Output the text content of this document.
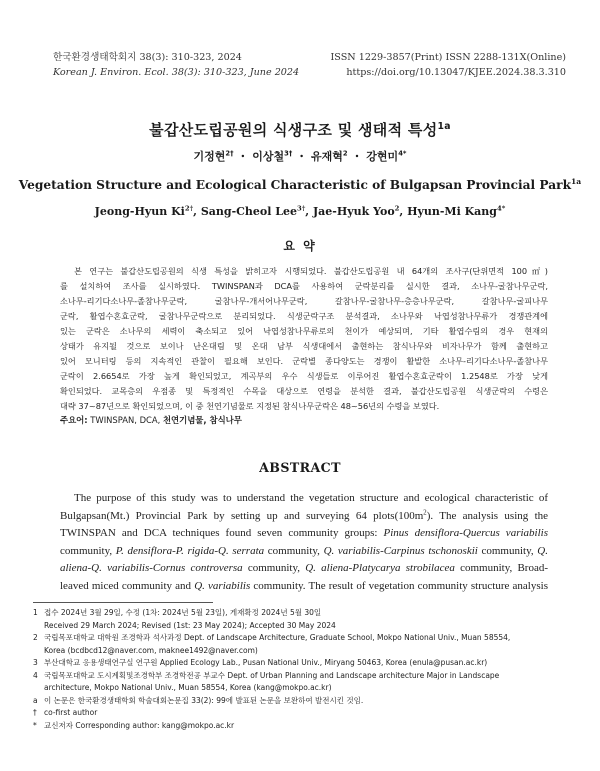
한국환경생태학회지 38(3): 310-323, 2024
Korean J. Environ. Ecol. 38(3): 310-323, June 2024
ISSN 1229-3857(Print) ISSN 2288-131X(Online)
https://doi.org/10.13047/KJEE.2024.38.3.310
불갑산도립공원의 식생구조 및 생태적 특성$^{1a}$
기정현$^{2\dagger}$ ・ 이상철$^{3\dagger}$ ・ 유재혁$^2$ ・ 강현미$^{4*}$
Vegetation Structure and Ecological Characteristic of Bulgapsan Provincial Park$^{1a}$
Jeong-Hyun $Ki^{2\dagger}$, Sang-Cheol Lee$^{3\dagger}$, Jae-Hyuk Yoo$^2$, Hyun-Mi Kang$^{4*}$
요 약
본 연구는 불갑산도립공원의 식생 특성을 밝히고자 시행되었다. 불갑산도립공원 내 64개의 조사구(단위면적 100㎡)
를 설치하여 조사를 실시하였다. TWINSPAN과 DCA를 사용하여 군락분리를 실시한 결과, 소나무-굴참나무군락,
소나무-리기다소나무-졸참나무군락, 굴참나무-개서어나무군락, 갈참나무-굴참나무-층층나무군락, 갈참나무-굴피나무
군락, 활엽수혼효군락, 굴참나무군락으로 분리되었다. 식생군락구조 분석결과, 소나무와 낙엽성참나무류가 경쟁관계에
있는 군락은 소나무의 세력이 축소되고 있어 낙엽성참나무류로의 천이가 예상되며, 기타 활엽수림의 경우 현재의
상태가 유지될 것으로 보이나 난온대림 및 온대 남부 식생대에서 출현하는 참식나무와 비자나무가 함께 출현하고
있어 모니터링 등의 지속적인 관찰이 필요해 보인다. 군락별 종다양도는 경쟁이 활발한 소나무-리기다소나무-졸참나무
군락이 2.6654로 가장 높게 확인되었고, 계곡부의 우수 식생들로 이루어진 활엽수혼효군락이 1.2548로 가장 낮게
확인되었다. 교목층의 우점종 및 특정적인 수목을 대상으로 연령을 분석한 결과, 불갑산도립공원 식생군락의 수령은
대략 37~87년으로 확인되었으며, 이 중 천연기념물로 지정된 참식나무군락은 48~56년의 수령을 보였다.
주요어: TWINSPAN, DCA, 천연기념물, 참식나무
ABSTRACT
The purpose of this study was to understand the vegetation structure and ecological characteristic of
Bulgapsan(Mt.) Provincial Park by setting up and surveying 64 $plots(100m^2)$. The analysis using the
TWINSPAN and DCA techniques found seven community groups: Pinus densiflora-Quercus variabilis
community, P. densiflora-P. rigida-Q. serrata community, Q. variabilis-Carpinus tschonoskii community, Q.
aliena-Q. variabilis-Cornus controversa community, Q. aliena-Platycarya strobilacea community, Broad-
leaved miced community and Q. variabilis community. The result of vegetation community structure analysis
1 접수 2024년 3월 29일, 수정 (1차: 2024년 5월 23일), 게재확정 2024년 5월 30일
Received 29 March 2024; Revised (1st: 23 May 2024); Accepted 30 May 2024
2 국립목포대학교 대학원 조경학과 석사과정 Dept. of Landscape Architecture, Graduate School, Mokpo National Univ., Muan 58554,
Korea (bcdbcd12@naver.com, maknee1492@naver.com)
3 부산대학교 응용생태연구실 연구원 Applied Ecology Lab., Pusan National Univ., Miryang 50463, Korea (enula@pusan.ac.kr)
4 국립목포대학교 도시계획및조경학부 조경학전공 부교수 Dept. of Urban Planning and Landscape architecture Major in Landscape
architecture, Mokpo National Univ., Muan 58554, Korea (kang@mokpo.ac.kr)
a 이 논문은 한국환경생태학회 학술대회논문집 33(2): 99에 발표된 논문을 보완하여 발전시킨 것임.
† co-first author
* 교신저자 Corresponding author: kang@mokpo.ac.kr
